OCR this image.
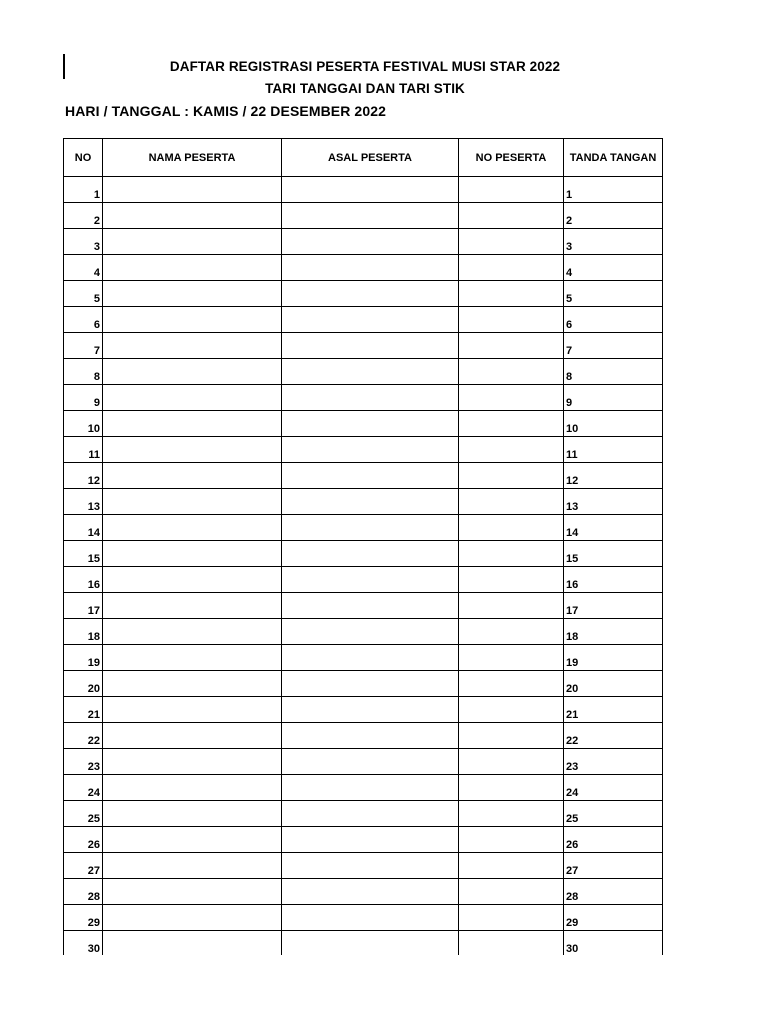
DAFTAR REGISTRASI PESERTA FESTIVAL MUSI STAR 2022
TARI TANGGAI DAN TARI STIK
HARI / TANGGAL : KAMIS / 22 DESEMBER 2022
NO	NAMA PESERTA	ASAL PESERTA	NO PESERTA	TANDA TANGAN
1				1
2				2
3				3
4				4
5				5
6				6
7				7
8				8
9				9
10				10
11				11
12				12
13				13
14				14
15				15
16				16
17				17
18				18
19				19
20				20
21				21
22				22
23				23
24				24
25				25
26				26
27				27
28				28
29				29
30				30
